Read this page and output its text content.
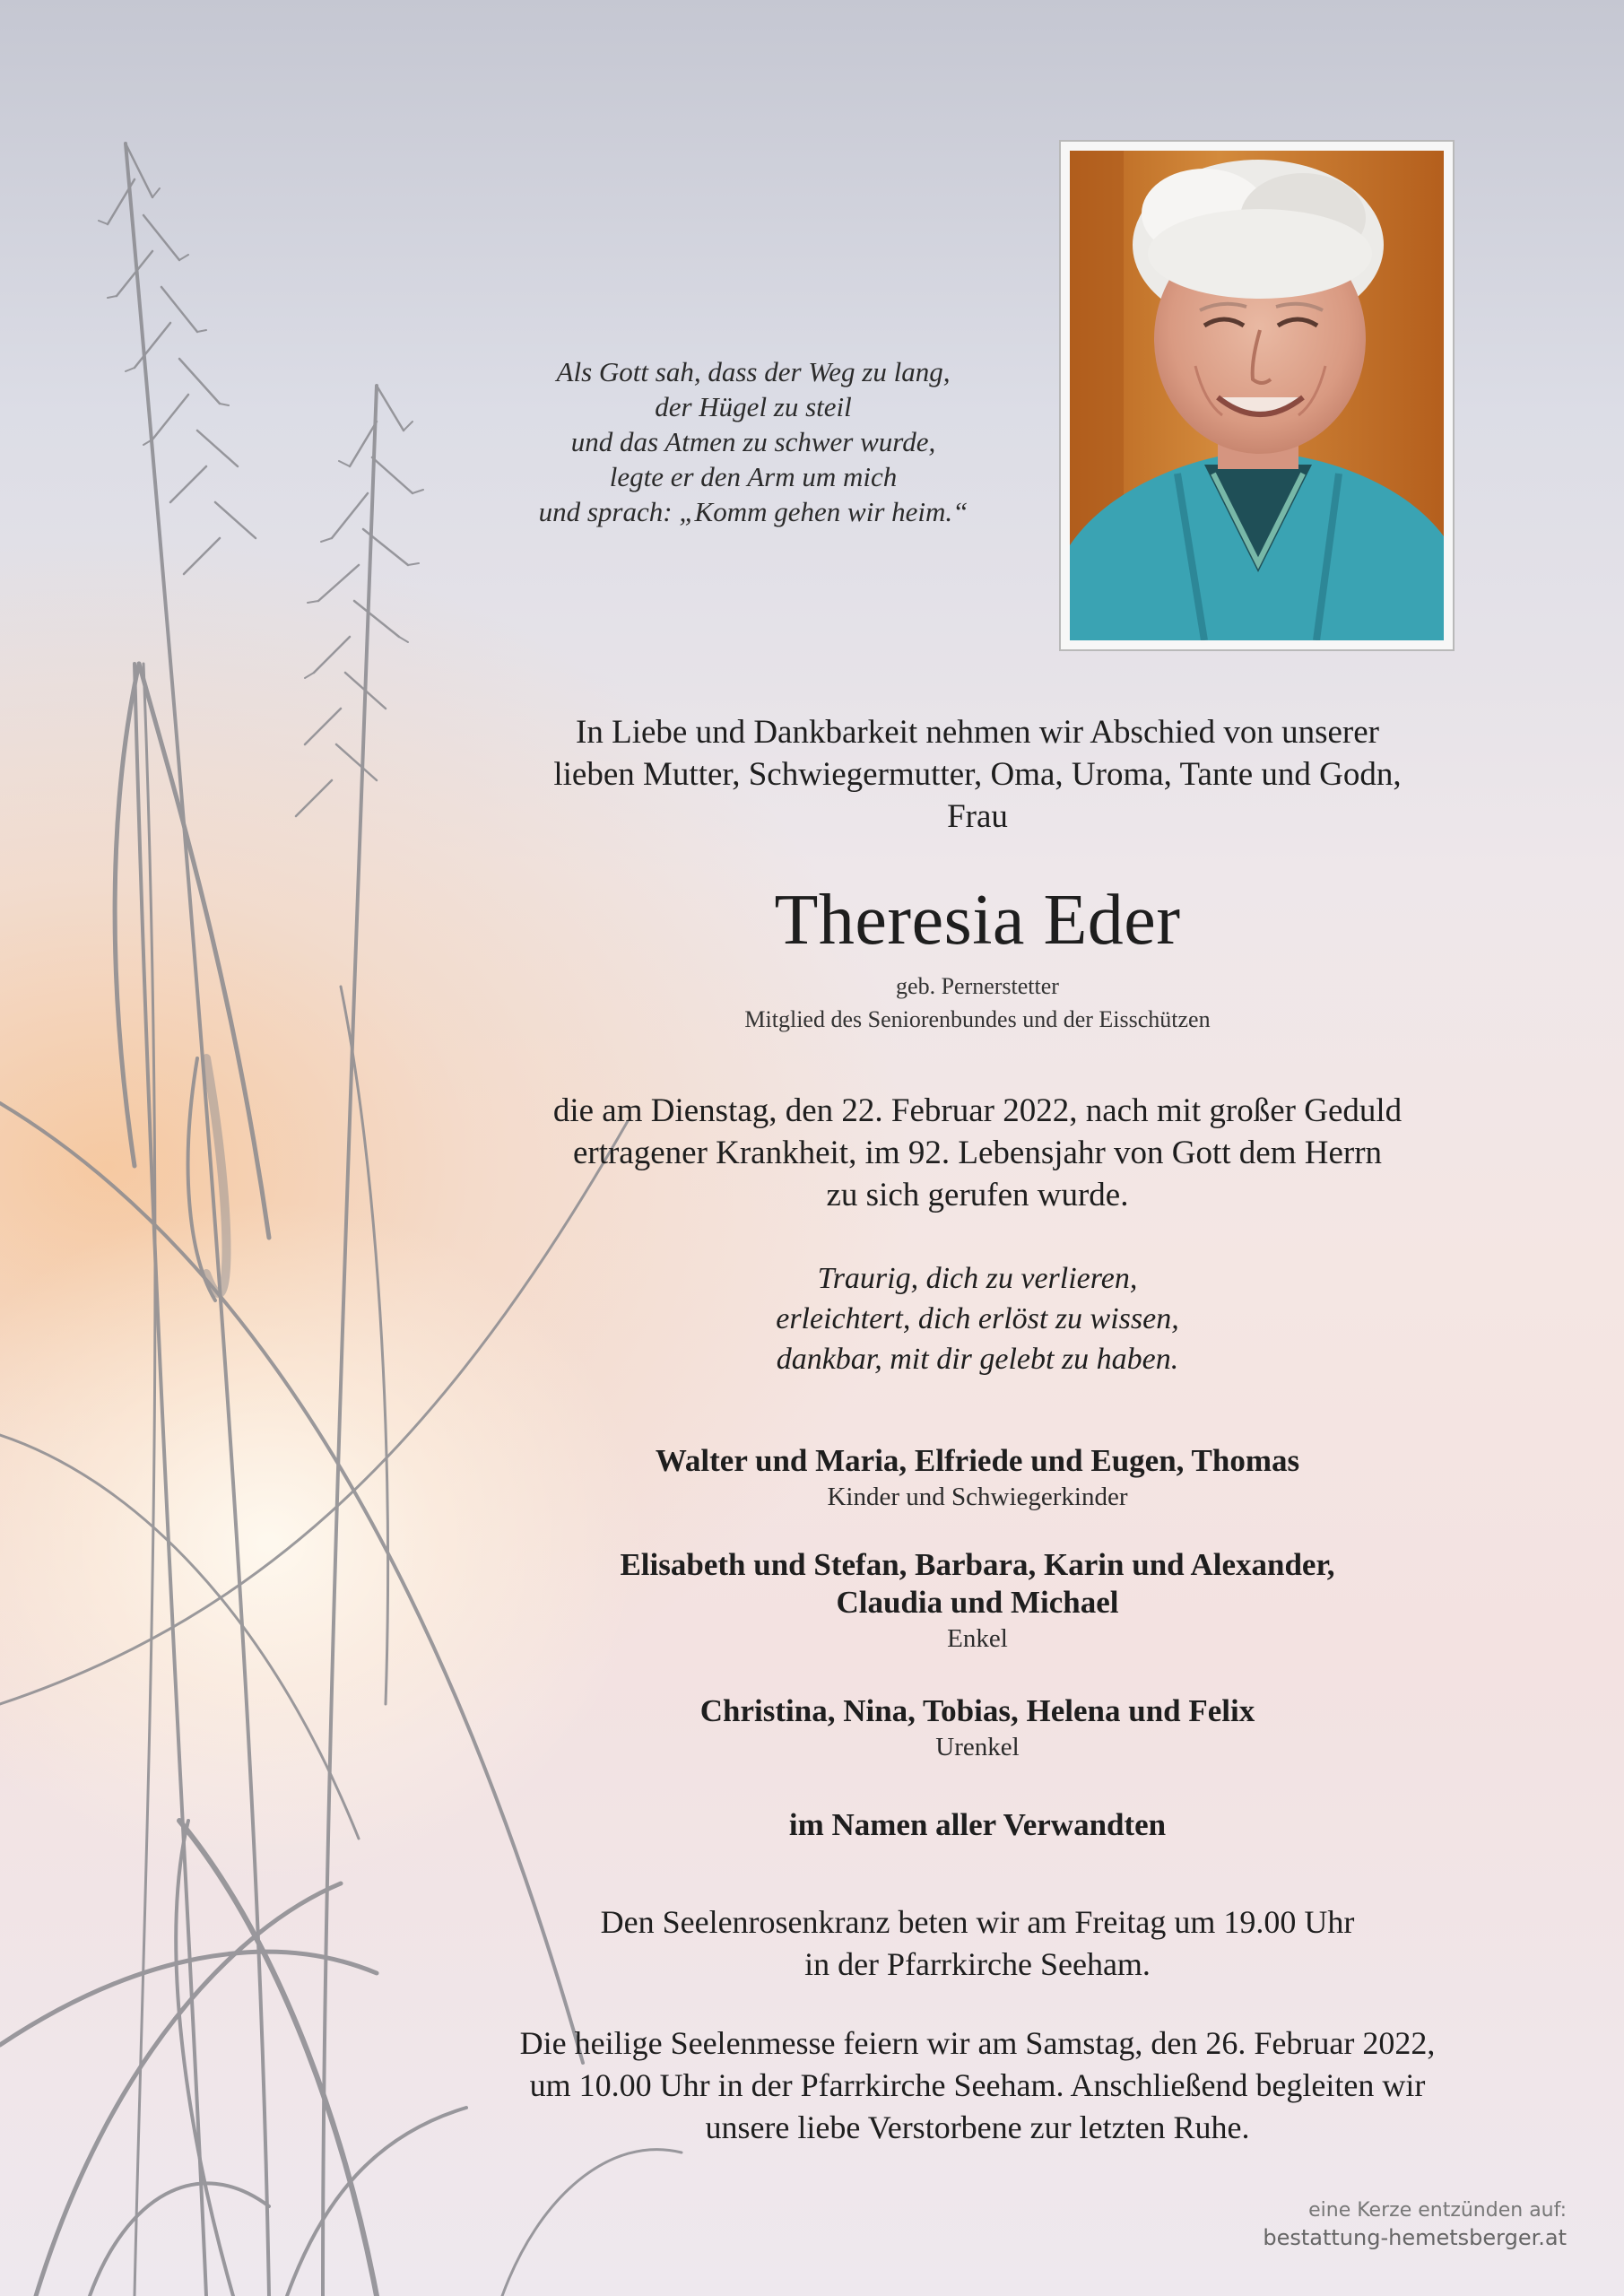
Als Gott sah, dass der Weg zu lang,
der Hügel zu steil
und das Atmen zu schwer wurde,
legte er den Arm um mich
und sprach: „Komm gehen wir heim.“
In Liebe und Dankbarkeit nehmen wir Abschied von unserer
lieben Mutter, Schwiegermutter, Oma, Uroma, Tante und Godn,
Frau
Theresia Eder
geb. Pernerstetter
Mitglied des Seniorenbundes und der Eisschützen
die am Dienstag, den 22. Februar 2022, nach mit großer Geduld
ertragener Krankheit, im 92. Lebensjahr von Gott dem Herrn
zu sich gerufen wurde.
Traurig, dich zu verlieren,
erleichtert, dich erlöst zu wissen,
dankbar, mit dir gelebt zu haben.
Walter und Maria, Elfriede und Eugen, Thomas
Kinder und Schwiegerkinder
Elisabeth und Stefan, Barbara, Karin und Alexander,
Claudia und Michael
Enkel
Christina, Nina, Tobias, Helena und Felix
Urenkel
im Namen aller Verwandten
Den Seelenrosenkranz beten wir am Freitag um 19.00 Uhr
in der Pfarrkirche Seeham.
Die heilige Seelenmesse feiern wir am Samstag, den 26. Februar 2022,
um 10.00 Uhr in der Pfarrkirche Seeham. Anschließend begleiten wir
unsere liebe Verstorbene zur letzten Ruhe.
eine Kerze entzünden auf:
bestattung-hemetsberger.at
